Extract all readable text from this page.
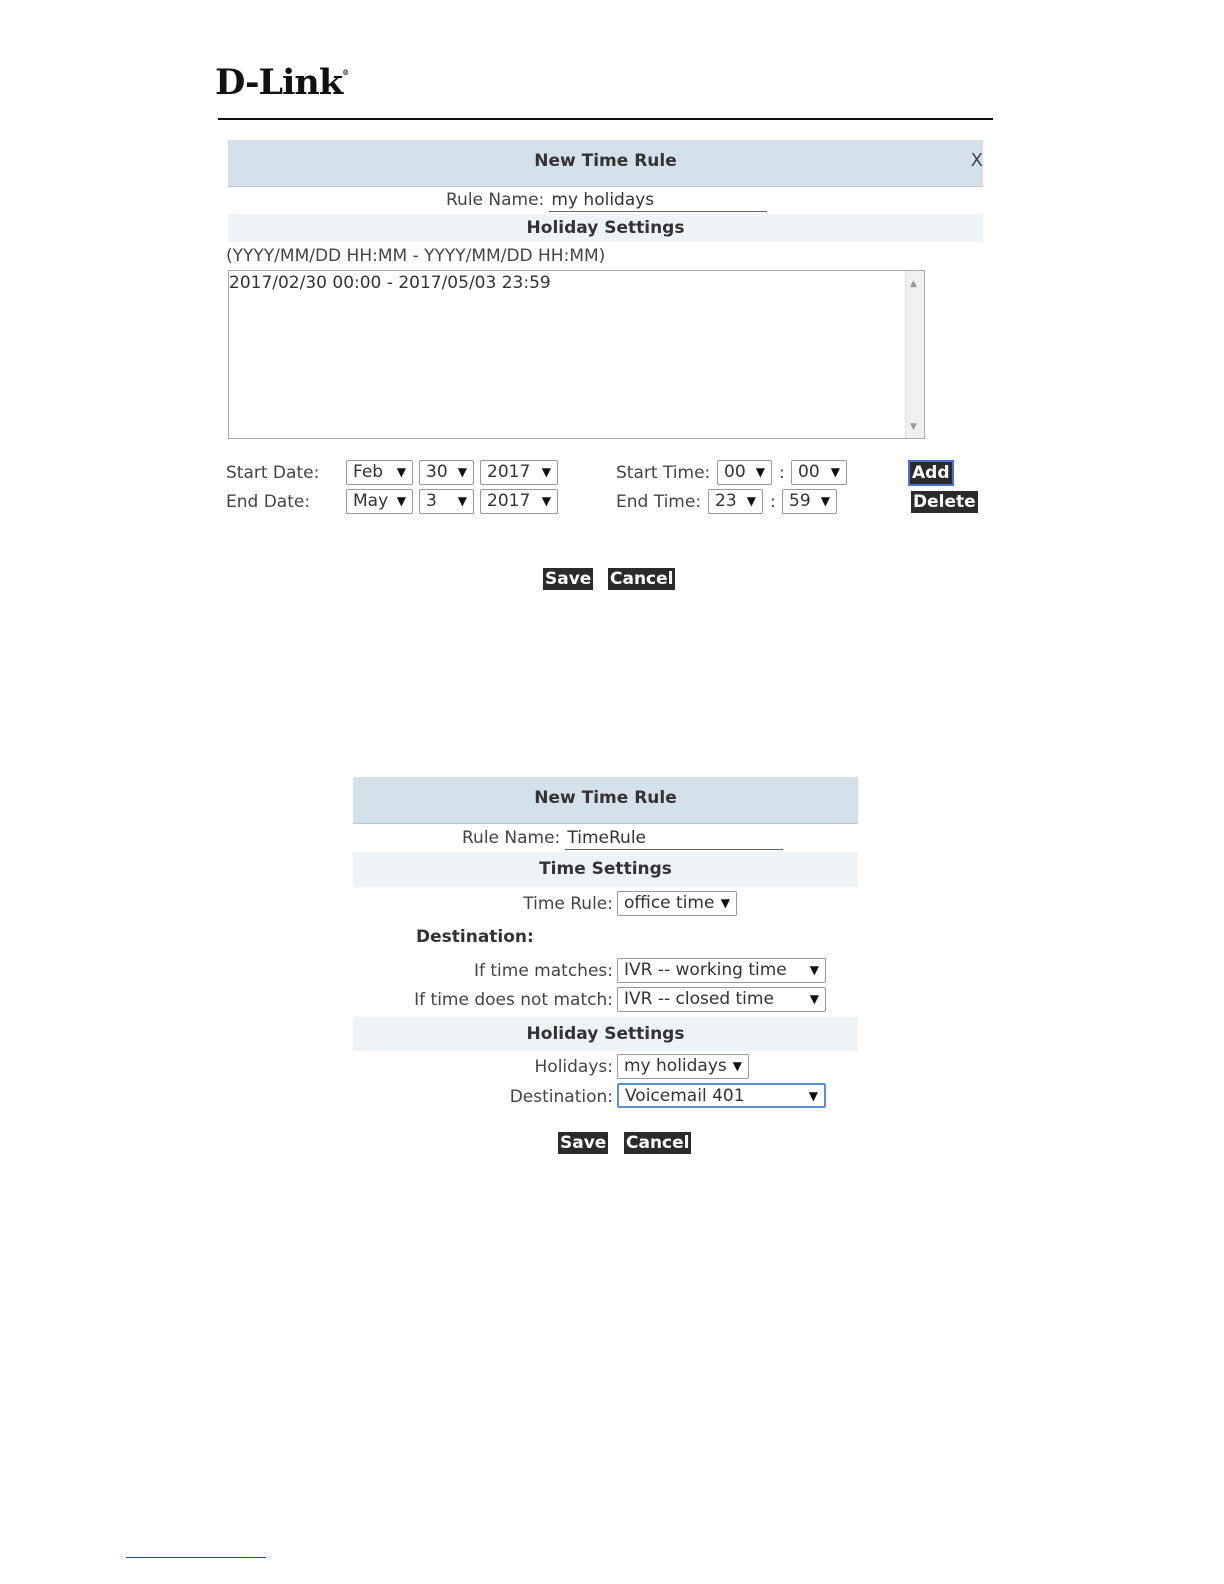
D-Link®
New Time Rule	X
Rule Name: my holidays
Holiday Settings
(YYYY/MM/DD HH:MM - YYYY/MM/DD HH:MM)
2017/02/30 00:00 - 2017/05/03 23:59	▲
▼
Start Date:	Feb ▼	30 ▼	2017 ▼	Start Time: 00 ▼ : 00 ▼	Add
End Date:	May ▼	3 ▼	2017 ▼	End Time: 23 ▼ : 59 ▼	Delete
Save Cancel
New Time Rule
Rule Name: TimeRule
Time Settings
Time Rule: office time ▼
Destination:
If time matches: IVR -- working time ▼
If time does not match: IVR -- closed time	▼
Holiday Settings
Holidays: my holidays ▼
Destination: Voicemail 401	▼
Save Cancel
